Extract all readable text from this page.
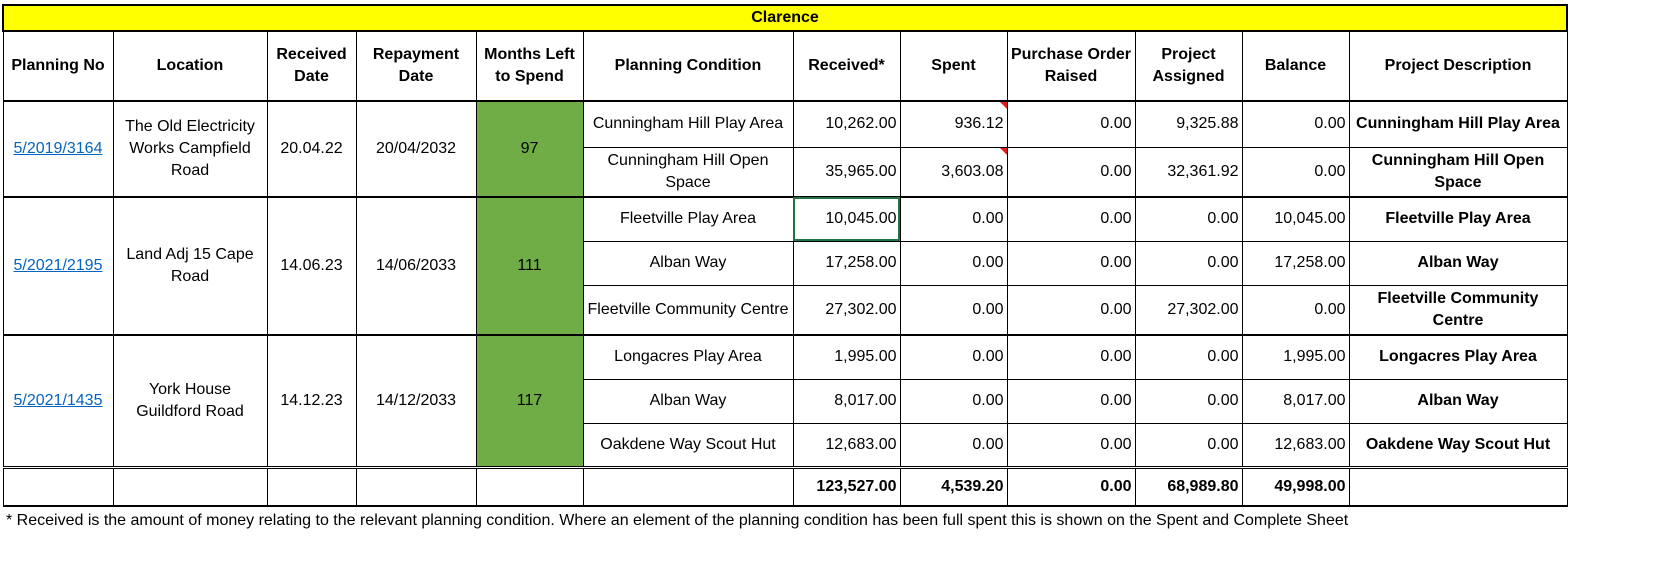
Clarence											
Planning No	Location	Received Date	Repayment Date	Months Left to Spend	Planning Condition	Received*	Spent	Purchase Order Raised	Project Assigned	Balance	Project Description
5/2019/3164	The Old Electricity Works Campfield Road	20.04.22	20/04/2032	97	Cunningham Hill Play Area	10,262.00	936.12	0.00	9,325.88	0.00	Cunningham Hill Play Area
					Cunningham Hill Open Space	35,965.00	3,603.08	0.00	32,361.92	0.00	Cunningham Hill Open Space
5/2021/2195	Land Adj 15 Cape Road	14.06.23	14/06/2033	111	Fleetville Play Area	10,045.00	0.00	0.00	0.00	10,045.00	Fleetville Play Area
					Alban Way	17,258.00	0.00	0.00	0.00	17,258.00	Alban Way
					Fleetville Community Centre	27,302.00	0.00	0.00	27,302.00	0.00	Fleetville Community Centre
5/2021/1435	York House Guildford Road	14.12.23	14/12/2033	117	Longacres Play Area	1,995.00	0.00	0.00	0.00	1,995.00	Longacres Play Area
					Alban Way	8,017.00	0.00	0.00	0.00	8,017.00	Alban Way
					Oakdene Way Scout Hut	12,683.00	0.00	0.00	0.00	12,683.00	Oakdene Way Scout Hut
						123,527.00	4,539.20	0.00	68,989.80	49,998.00	
* Received is the amount of money relating to the relevant planning condition. Where an element of the planning condition has been full spent this is shown on the Spent and Complete Sheet
